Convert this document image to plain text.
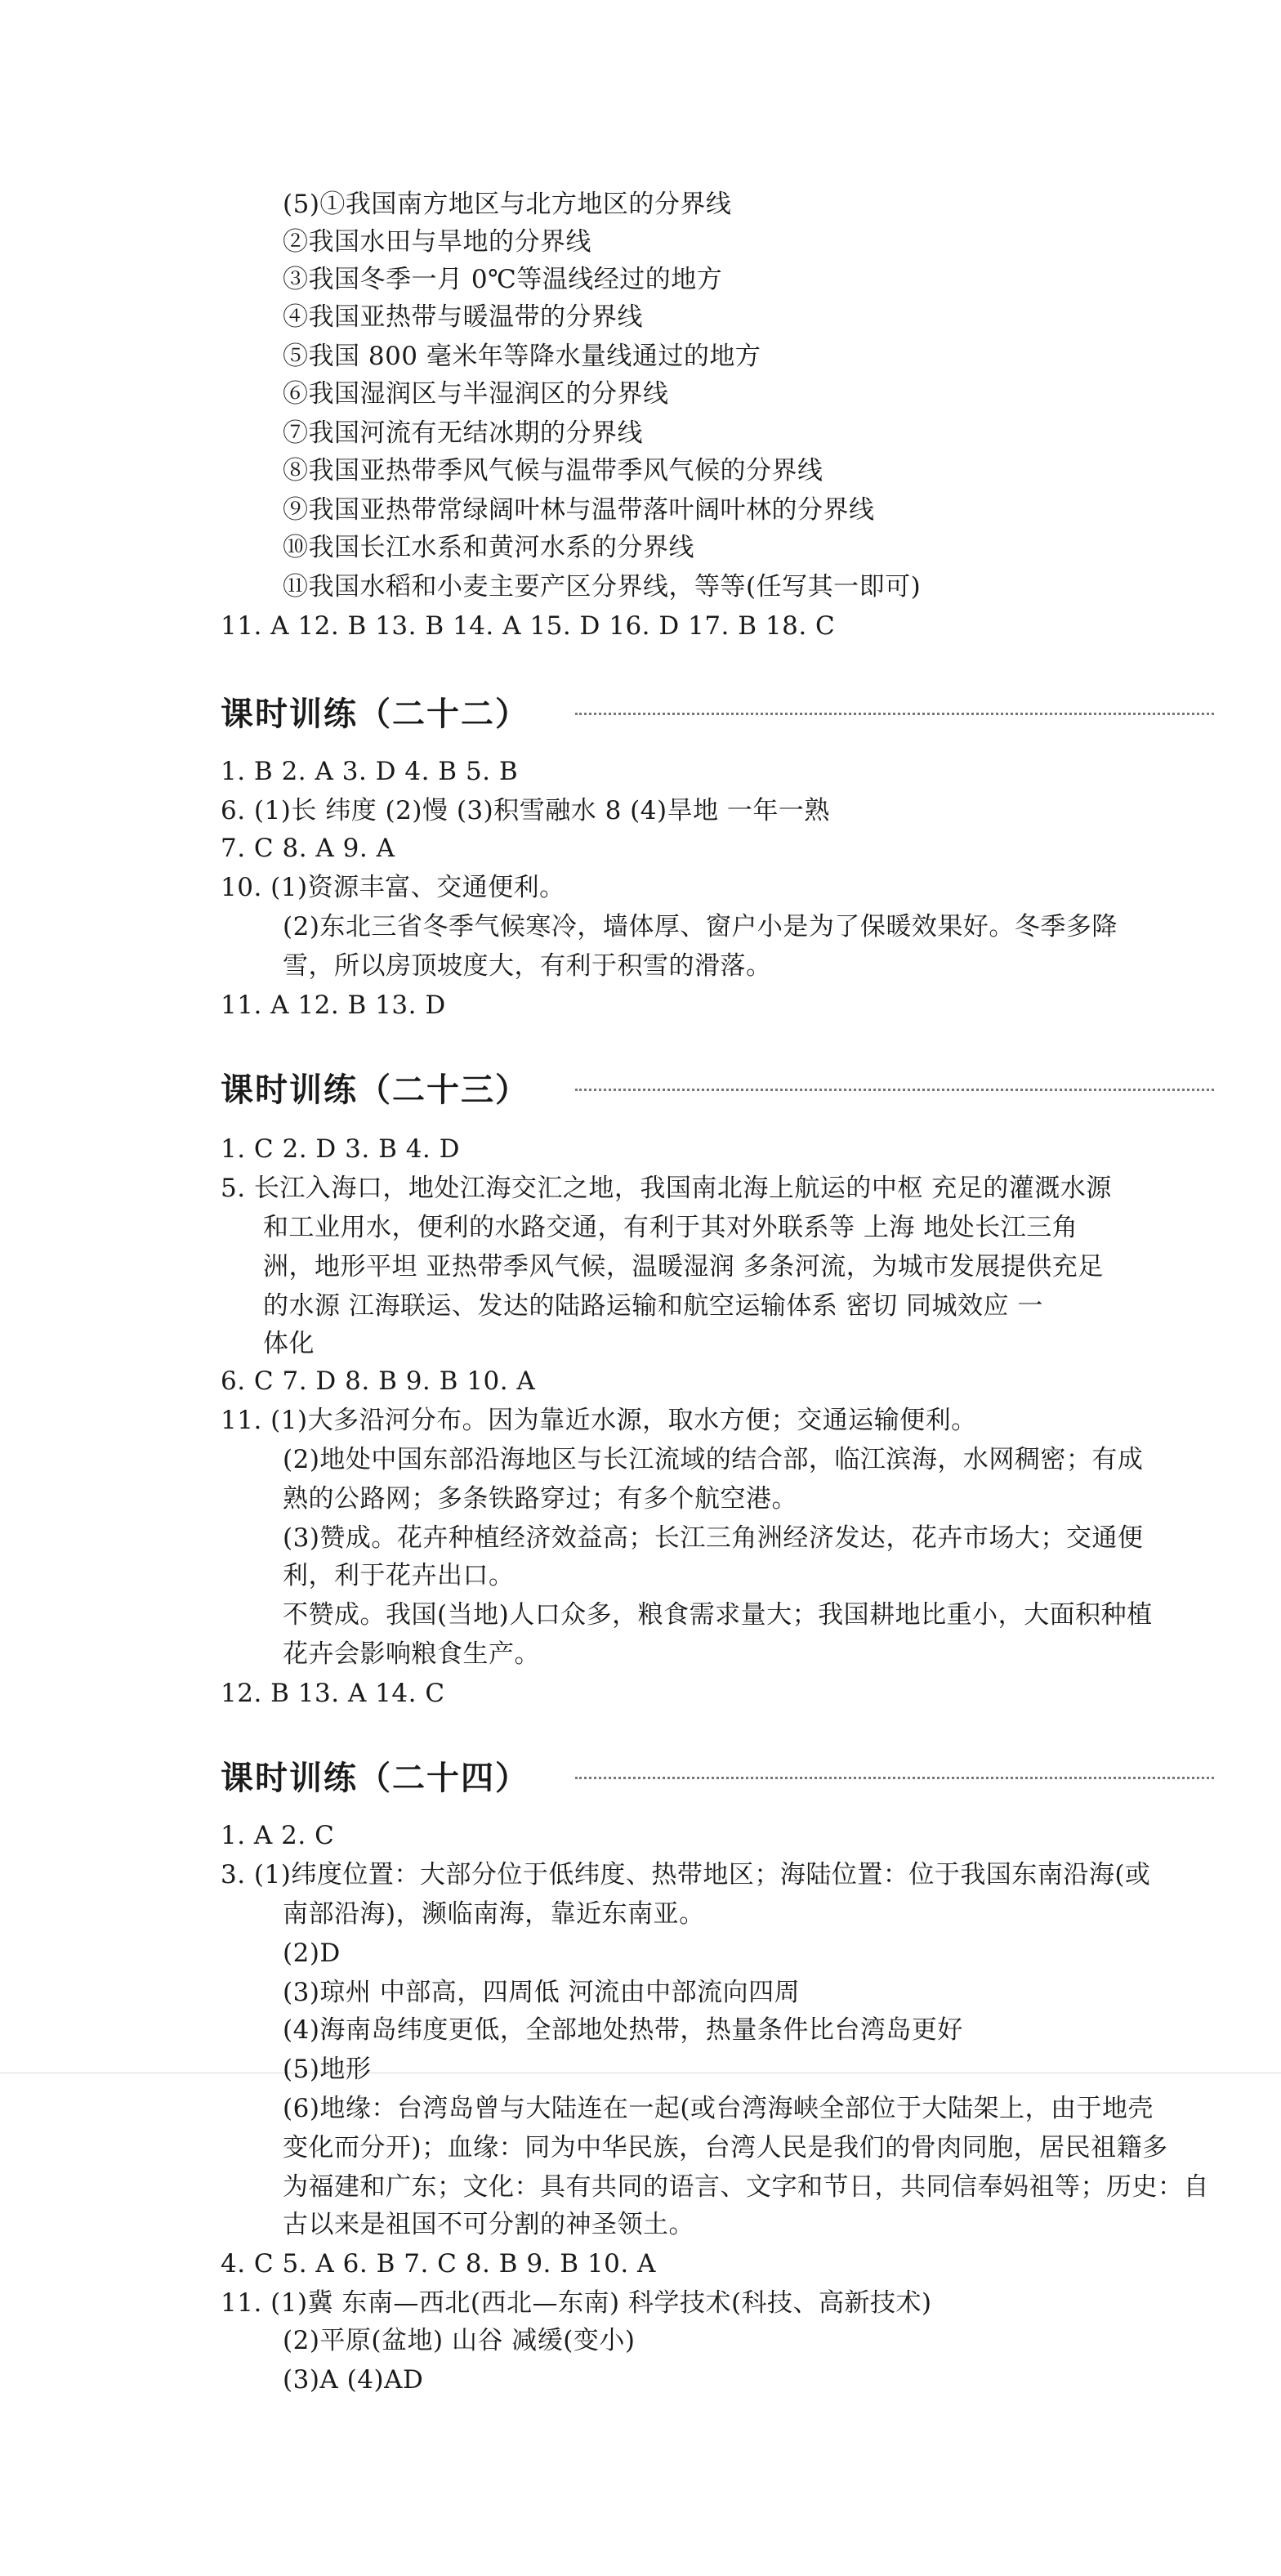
(5)①我国南方地区与北方地区的分界线
②我国水田与旱地的分界线
③我国冬季一月 0℃等温线经过的地方
④我国亚热带与暖温带的分界线
⑤我国 800 毫米年等降水量线通过的地方
⑥我国湿润区与半湿润区的分界线
⑦我国河流有无结冰期的分界线
⑧我国亚热带季风气候与温带季风气候的分界线
⑨我国亚热带常绿阔叶林与温带落叶阔叶林的分界线
⑩我国长江水系和黄河水系的分界线
⑪我国水稻和小麦主要产区分界线，等等(任写其一即可)
11. A 12. B 13. B 14. A 15. D 16. D 17. B 18. C
课时训练（二十二）
1. B 2. A 3. D 4. B 5. B
6. (1)长 纬度 (2)慢 (3)积雪融水 8 (4)旱地 一年一熟
7. C 8. A 9. A
10. (1)资源丰富、交通便利。
(2)东北三省冬季气候寒冷，墙体厚、窗户小是为了保暖效果好。冬季多降
雪，所以房顶坡度大，有利于积雪的滑落。
11. A 12. B 13. D
课时训练（二十三）
1. C 2. D 3. B 4. D
5. 长江入海口，地处江海交汇之地，我国南北海上航运的中枢 充足的灌溉水源
和工业用水，便利的水路交通，有利于其对外联系等 上海 地处长江三角
洲，地形平坦 亚热带季风气候，温暖湿润 多条河流，为城市发展提供充足
的水源 江海联运、发达的陆路运输和航空运输体系 密切 同城效应 一
体化
6. C 7. D 8. B 9. B 10. A
11. (1)大多沿河分布。因为靠近水源，取水方便；交通运输便利。
(2)地处中国东部沿海地区与长江流域的结合部，临江滨海，水网稠密；有成
熟的公路网；多条铁路穿过；有多个航空港。
(3)赞成。花卉种植经济效益高；长江三角洲经济发达，花卉市场大；交通便
利，利于花卉出口。
不赞成。我国(当地)人口众多，粮食需求量大；我国耕地比重小，大面积种植
花卉会影响粮食生产。
12. B 13. A 14. C
课时训练（二十四）
1. A 2. C
3. (1)纬度位置：大部分位于低纬度、热带地区；海陆位置：位于我国东南沿海(或
南部沿海)，濒临南海，靠近东南亚。
(2)D
(3)琼州 中部高，四周低 河流由中部流向四周
(4)海南岛纬度更低，全部地处热带，热量条件比台湾岛更好
(5)地形
(6)地缘：台湾岛曾与大陆连在一起(或台湾海峡全部位于大陆架上，由于地壳
变化而分开)；血缘：同为中华民族，台湾人民是我们的骨肉同胞，居民祖籍多
为福建和广东；文化：具有共同的语言、文字和节日，共同信奉妈祖等；历史：自
古以来是祖国不可分割的神圣领土。
4. C 5. A 6. B 7. C 8. B 9. B 10. A
11. (1)冀 东南—西北(西北—东南) 科学技术(科技、高新技术)
(2)平原(盆地) 山谷 减缓(变小)
(3)A (4)AD
